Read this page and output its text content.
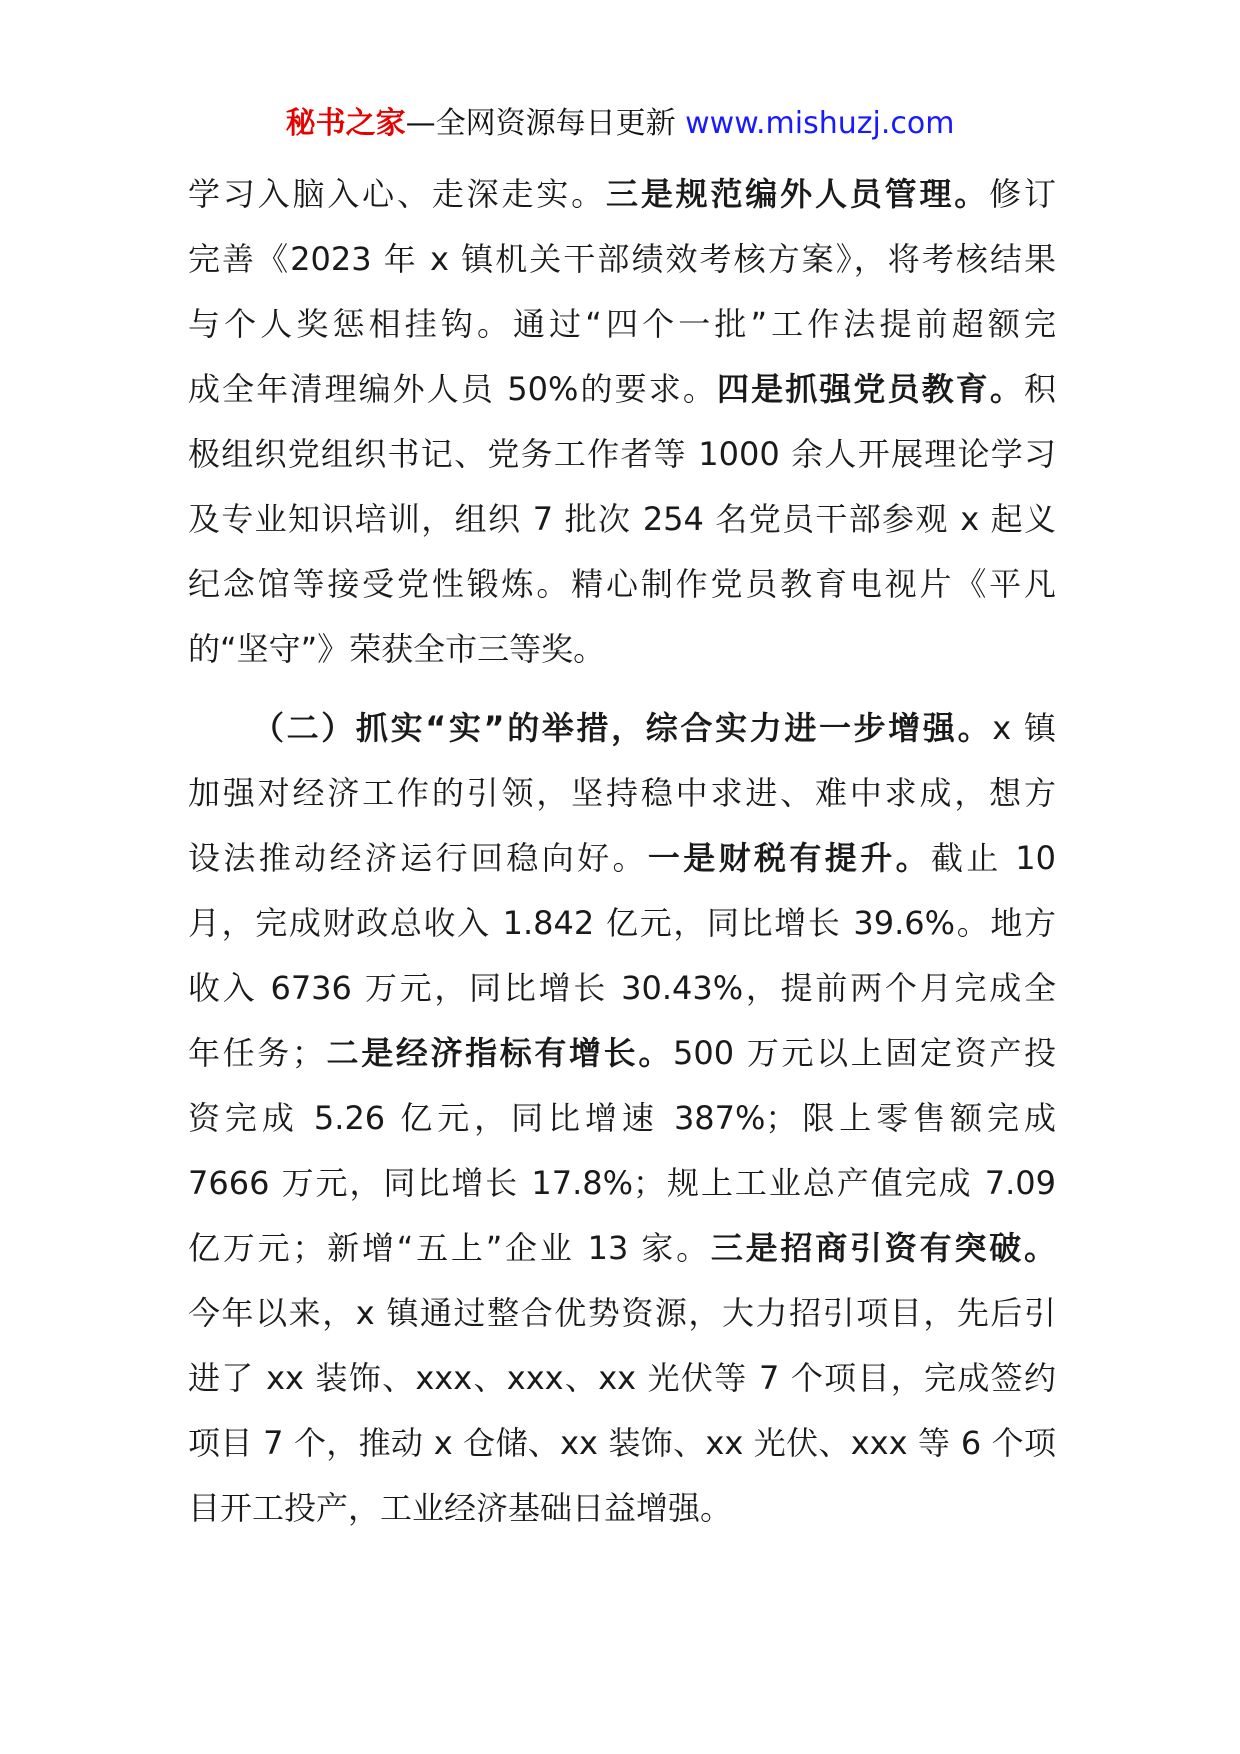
秘书之家—全网资源每日更新 www.mishuzj.com
学习入脑入心、走深走实。三是规范编外人员管理。修订
完善《2023 年 x 镇机关干部绩效考核方案》，将考核结果
与个人奖惩相挂钩。通过“四个一批”工作法提前超额完
成全年清理编外人员 50%的要求。四是抓强党员教育。积
极组织党组织书记、党务工作者等 1000 余人开展理论学习
及专业知识培训，组织 7 批次 254 名党员干部参观 x 起义
纪念馆等接受党性锻炼。精心制作党员教育电视片《平凡
的“坚守”》荣获全市三等奖。
（二）抓实“实”的举措，综合实力进一步增强。x 镇
加强对经济工作的引领，坚持稳中求进、难中求成，想方
设法推动经济运行回稳向好。一是财税有提升。截止 10
月，完成财政总收入 1.842 亿元，同比增长 39.6%。地方
收入 6736 万元，同比增长 30.43%，提前两个月完成全
年任务；二是经济指标有增长。500 万元以上固定资产投
资完成 5.26 亿元，同比增速 387%；限上零售额完成
7666 万元，同比增长 17.8%；规上工业总产值完成 7.09
亿万元；新增“五上”企业 13 家。三是招商引资有突破。
今年以来，x 镇通过整合优势资源，大力招引项目，先后引
进了 xx 装饰、xxx、xxx、xx 光伏等 7 个项目，完成签约
项目 7 个，推动 x 仓储、xx 装饰、xx 光伏、xxx 等 6 个项
目开工投产，工业经济基础日益增强。
